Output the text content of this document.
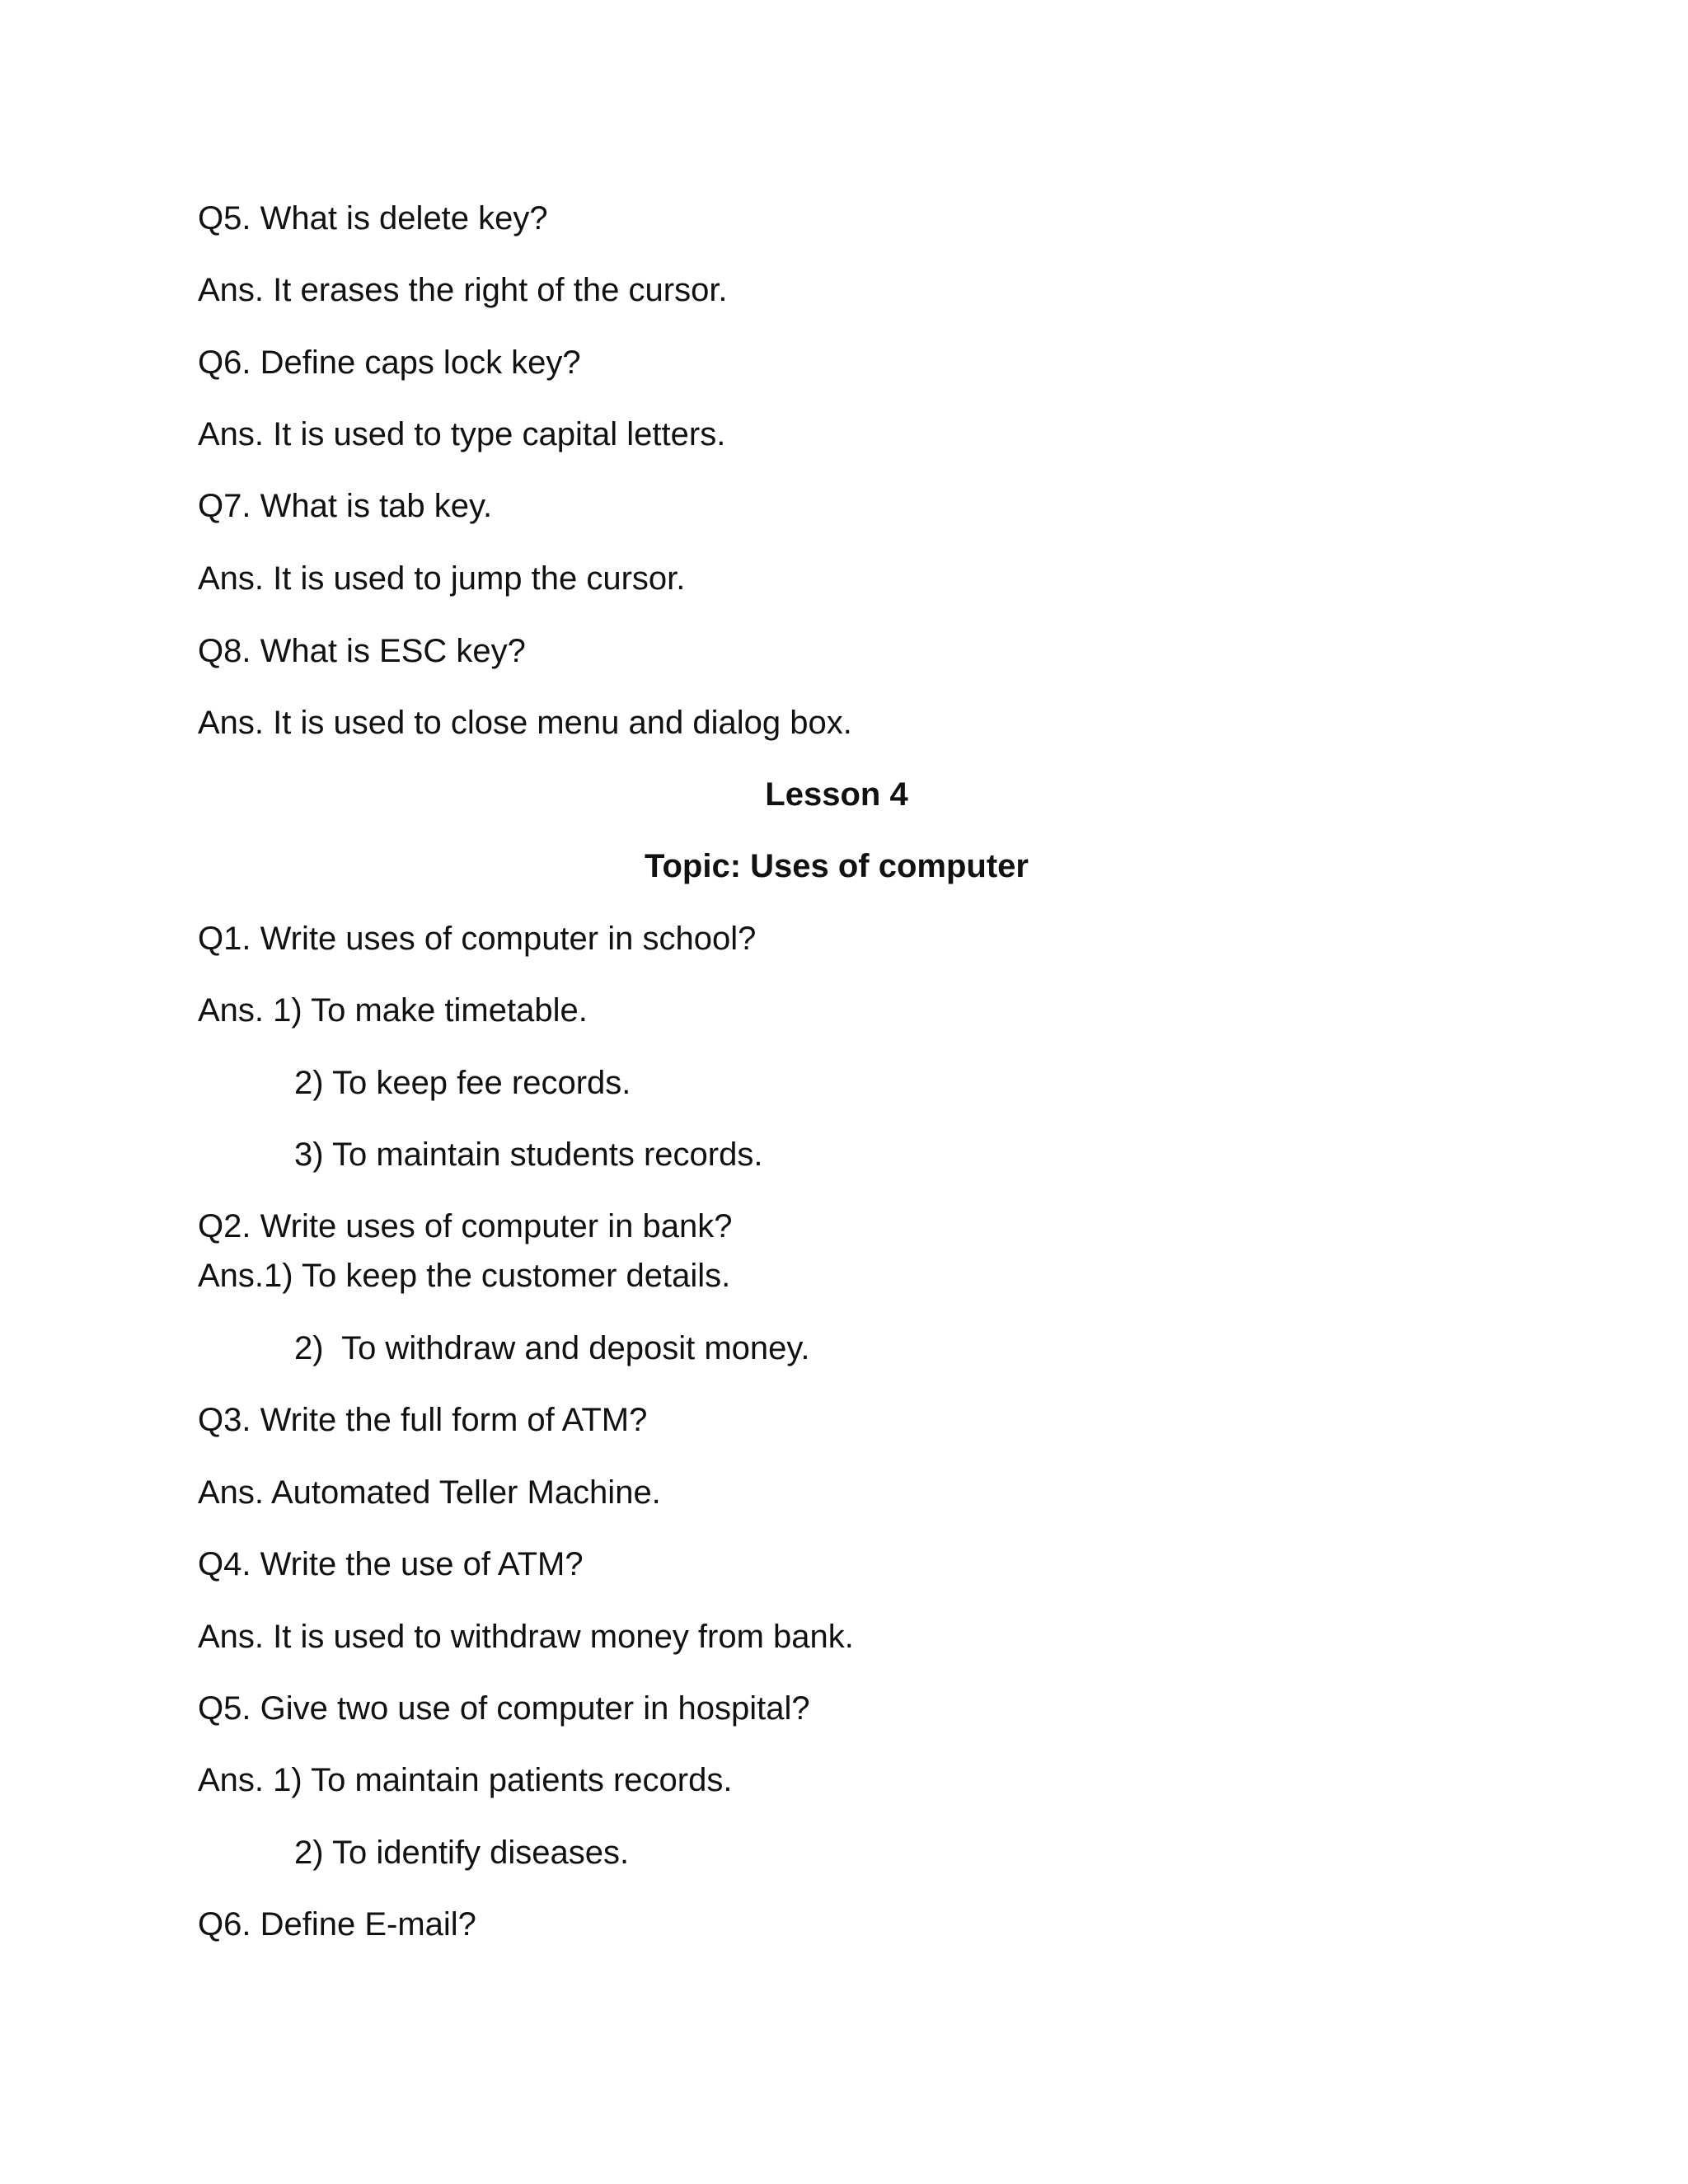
Q5. What is delete key?
Ans. It erases the right of the cursor.
Q6. Define caps lock key?
Ans. It is used to type capital letters.
Q7. What is tab key.
Ans. It is used to jump the cursor.
Q8. What is ESC key?
Ans. It is used to close menu and dialog box.
Lesson 4
Topic: Uses of computer
Q1. Write uses of computer in school?
Ans. 1) To make timetable.
2) To keep fee records.
3) To maintain students records.
Q2. Write uses of computer in bank?
Ans.1) To keep the customer details.
2)  To withdraw and deposit money.
Q3. Write the full form of ATM?
Ans. Automated Teller Machine.
Q4. Write the use of ATM?
Ans. It is used to withdraw money from bank.
Q5. Give two use of computer in hospital?
Ans. 1) To maintain patients records.
2) To identify diseases.
Q6. Define E-mail?
